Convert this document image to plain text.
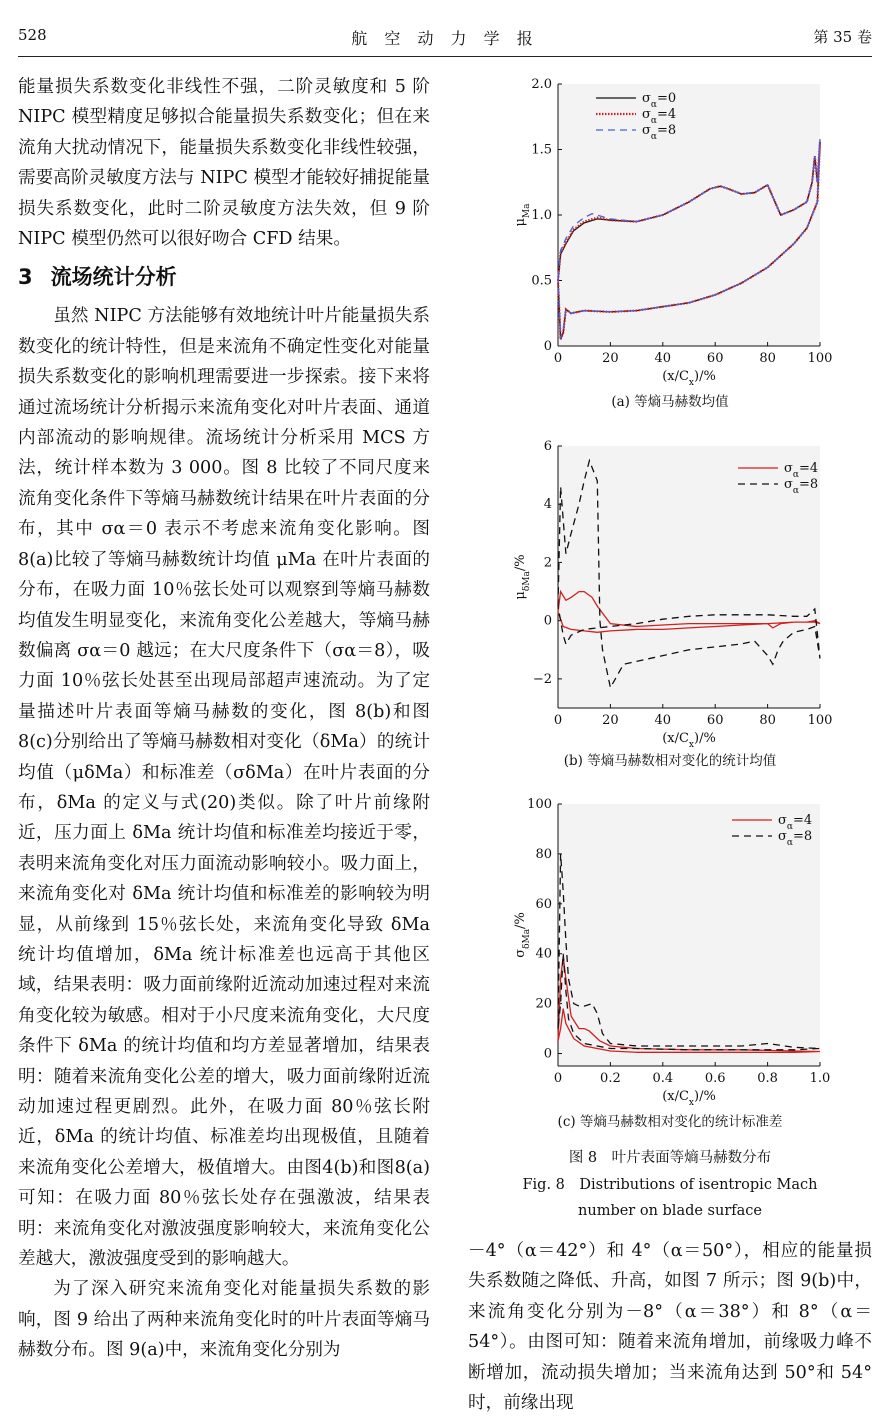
528	航 空 动 力 学 报	第 35 卷

能量损失系数变化非线性不强，二阶灵敏度和 5 阶 NIPC 模型精度足够拟合能量损失系数变化；但在来流角大扰动情况下，能量损失系数变化非线性较强，需要高阶灵敏度方法与 NIPC 模型才能较好捕捉能量损失系数变化，此时二阶灵敏度方法失效，但 9 阶 NIPC 模型仍然可以很好吻合 CFD 结果。

3 流场统计分析

虽然 NIPC 方法能够有效地统计叶片能量损失系数变化的统计特性，但是来流角不确定性变化对能量损失系数变化的影响机理需要进一步探索。接下来将通过流场统计分析揭示来流角变化对叶片表面、通道内部流动的影响规律。流场统计分析采用 MCS 方法，统计样本数为 3 000。图 8 比较了不同尺度来流角变化条件下等熵马赫数统计结果在叶片表面的分布，其中 σα＝0 表示不考虑来流角变化影响。图 8(a)比较了等熵马赫数统计均值 μMa 在叶片表面的分布，在吸力面 10％弦长处可以观察到等熵马赫数均值发生明显变化，来流角变化公差越大，等熵马赫数偏离 σα＝0 越远；在大尺度条件下（σα＝8），吸力面 10％弦长处甚至出现局部超声速流动。为了定量描述叶片表面等熵马赫数的变化，图 8(b)和图 8(c)分别给出了等熵马赫数相对变化（δMa）的统计均值（μδMa）和标准差（σδMa）在叶片表面的分布，δMa 的定义与式(20)类似。除了叶片前缘附近，压力面上 δMa 统计均值和标准差均接近于零，表明来流角变化对压力面流动影响较小。吸力面上，来流角变化对 δMa 统计均值和标准差的影响较为明显，从前缘到 15％弦长处，来流角变化导致 δMa 统计均值增加，δMa 统计标准差也远高于其他区域，结果表明：吸力面前缘附近流动加速过程对来流角变化较为敏感。相对于小尺度来流角变化，大尺度条件下 δMa 的统计均值和均方差显著增加，结果表明：随着来流角变化公差的增大，吸力面前缘附近流动加速过程更剧烈。此外，在吸力面 80％弦长附近，δMa 的统计均值、标准差均出现极值，且随着来流角变化公差增大，极值增大。由图4(b)和图8(a)可知：在吸力面 80％弦长处存在强激波，结果表明：来流角变化对激波强度影响较大，来流角变化公差越大，激波强度受到的影响越大。

为了深入研究来流角变化对能量损失系数的影响，图 9 给出了两种来流角变化时的叶片表面等熵马赫数分布。图 9(a)中，来流角变化分别为

0	20	40	60	80 100
0
0.5
1.0
1.5
2.0
$(x/C_x)/\%$
$\mu_{Ma}$
$\sigma_\alpha=0$
$\sigma_\alpha=4$
$\sigma_\alpha=8$
(a) 等熵马赫数均值
0	20	40	60	80 100
−2
0
2
4
6
$(x/C_x)/\%$
$\mu_{\delta Ma}/\%$
$\sigma_\alpha=4$
$\sigma_\alpha=8$
(b) 等熵马赫数相对变化的统计均值
0	0.2 0.4 0.6 0.8 1.0
0
20
40
60
80
100
$(x/C_x)/\%$
$\sigma_{\delta Ma}/\%$
$\sigma_\alpha=4$
$\sigma_\alpha=8$
(c) 等熵马赫数相对变化的统计标准差
图 8　叶片表面等熵马赫数分布
Fig. 8　Distributions of isentropic Mach number on blade surface

－4°（α＝42°）和 4°（α＝50°），相应的能量损失系数随之降低、升高，如图 7 所示；图 9(b)中，来流角变化分别为－8°（α＝38°）和 8°（α＝54°）。由图可知：随着来流角增加，前缘吸力峰不断增加，流动损失增加；当来流角达到 50°和 54°时，前缘出现
